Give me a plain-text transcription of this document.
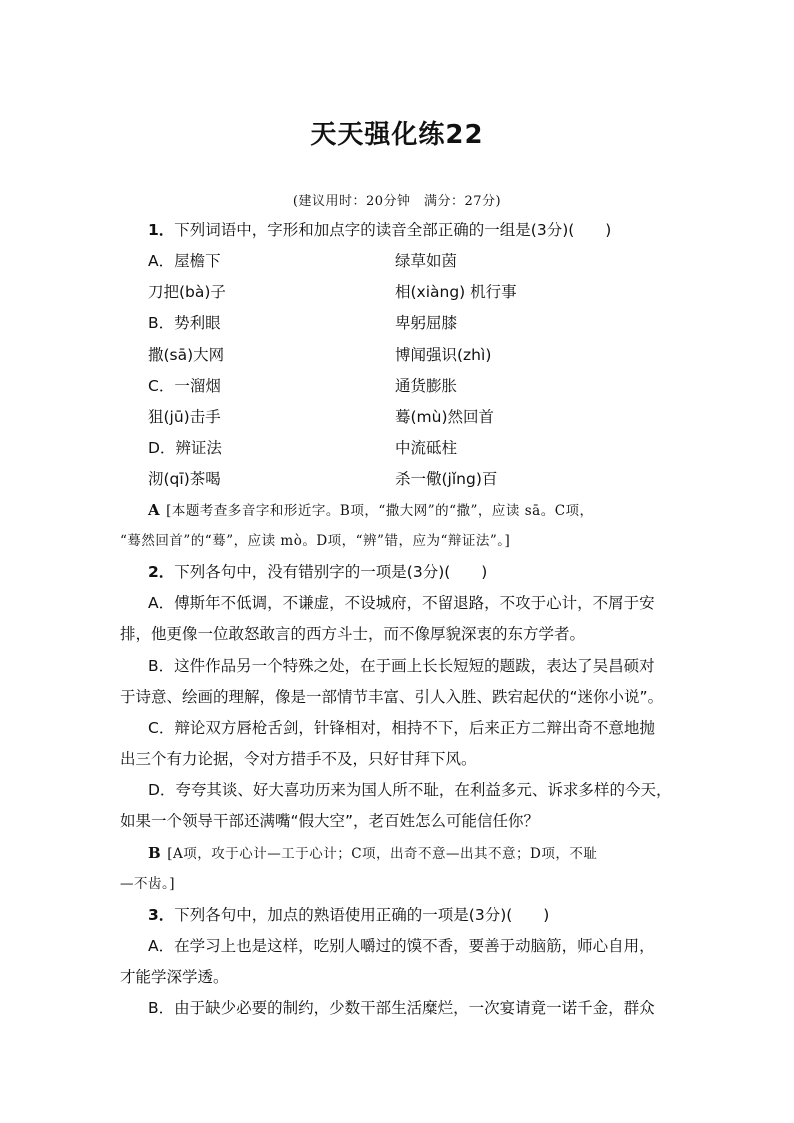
天天强化练22
(建议用时：20分钟　满分：27分)
1．下列词语中，字形和加点字的读音全部正确的一组是(3分)(　　)
A．屋檐下	绿草如茵
刀把(bà)子	相(xiàng) 机行事
B．势利眼	卑躬屈膝
撒(sā)大网	博闻强识(zhì)
C．一溜烟	通货膨胀
狙(jū)击手	蓦(mù)然回首
D．辨证法	中流砥柱
沏(qī)茶喝	杀一儆(jǐng)百
A [本题考查多音字和形近字。B项，“撒大网”的“撒”，应读 sā。C项，
“蓦然回首”的“蓦”，应读 mò。D项，“辨”错，应为“辩证法”。]
2．下列各句中，没有错别字的一项是(3分)(　　)
A．傅斯年不低调，不谦虚，不设城府，不留退路，不攻于心计，不屑于安
排，他更像一位敢怒敢言的西方斗士，而不像厚貌深衷的东方学者。
B．这件作品另一个特殊之处，在于画上长长短短的题跋，表达了吴昌硕对
于诗意、绘画的理解，像是一部情节丰富、引人入胜、跌宕起伏的“迷你小说”。
C．辩论双方唇枪舌剑，针锋相对，相持不下，后来正方二辩出奇不意地抛
出三个有力论据，令对方措手不及，只好甘拜下风。
D．夸夸其谈、好大喜功历来为国人所不耻，在利益多元、诉求多样的今天，
如果一个领导干部还满嘴“假大空”，老百姓怎么可能信任你？
B [A项，攻于心计—工于心计；C项，出奇不意—出其不意；D项，不耻
—不齿。]
3．下列各句中，加点的熟语使用正确的一项是(3分)(　　)
A．在学习上也是这样，吃别人嚼过的馍不香，要善于动脑筋，师心自用，
才能学深学透。
B．由于缺少必要的制约，少数干部生活糜烂，一次宴请竟一诺千金，群众
